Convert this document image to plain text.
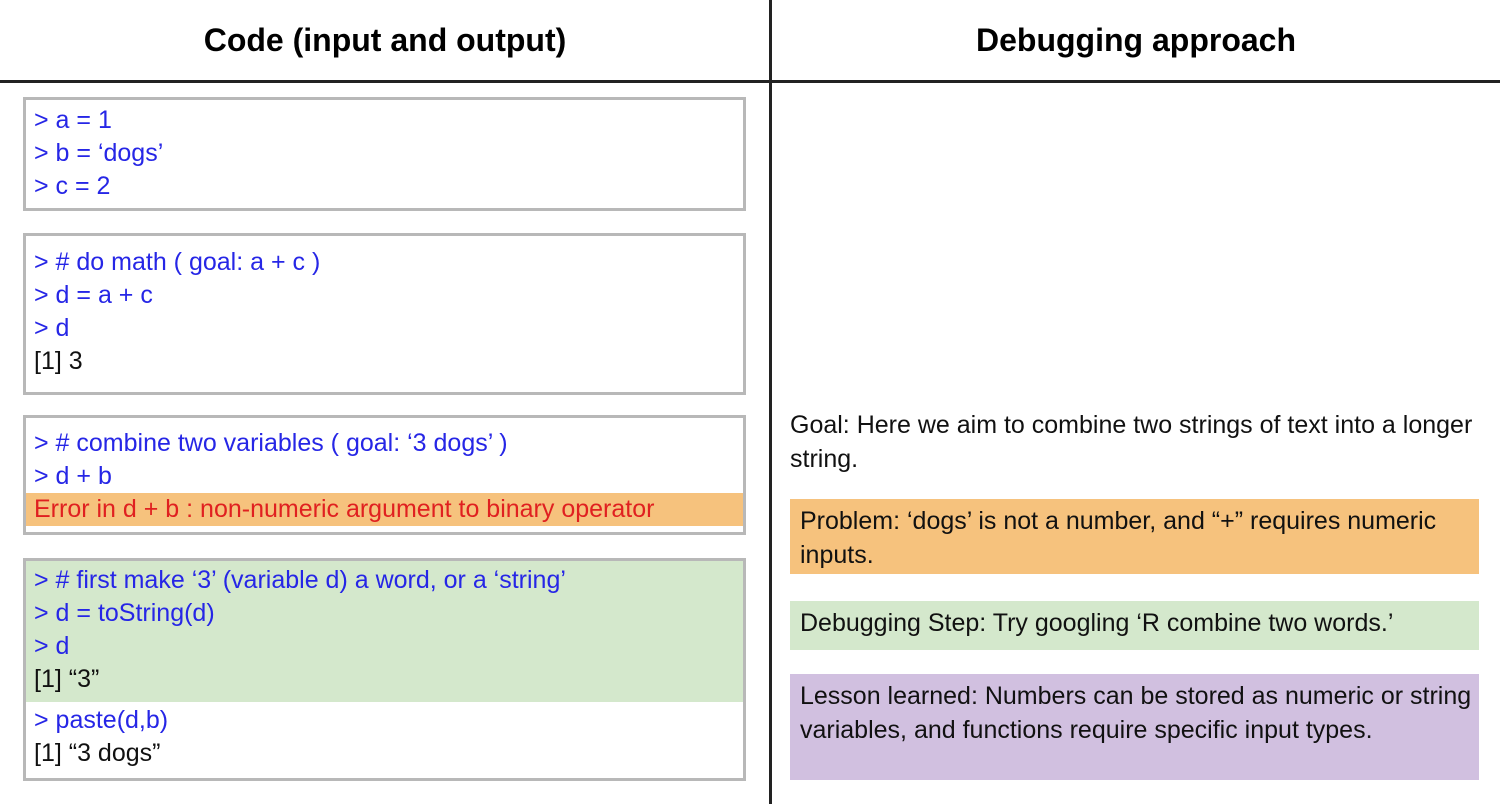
Code (input and output)	Debugging approach
> a = 1
> b = ‘dogs’
> c = 2
> # do math ( goal: a + c )
> d = a + c
> d
[1] 3
> # combine two variables ( goal: ‘3 dogs’ )
> d + b
Error in d + b : non-numeric argument to binary operator
> # first make ‘3’ (variable d) a word, or a ‘string’
> d = toString(d)
> d
[1] “3”
> paste(d,b)
[1] “3 dogs”
Goal: Here we aim to combine two strings of text into a longer string.
Problem: ‘dogs’ is not a number, and “+” requires numeric inputs.
Debugging Step: Try googling ‘R combine two words.’
Lesson learned: Numbers can be stored as numeric or string variables, and functions require specific input types.
